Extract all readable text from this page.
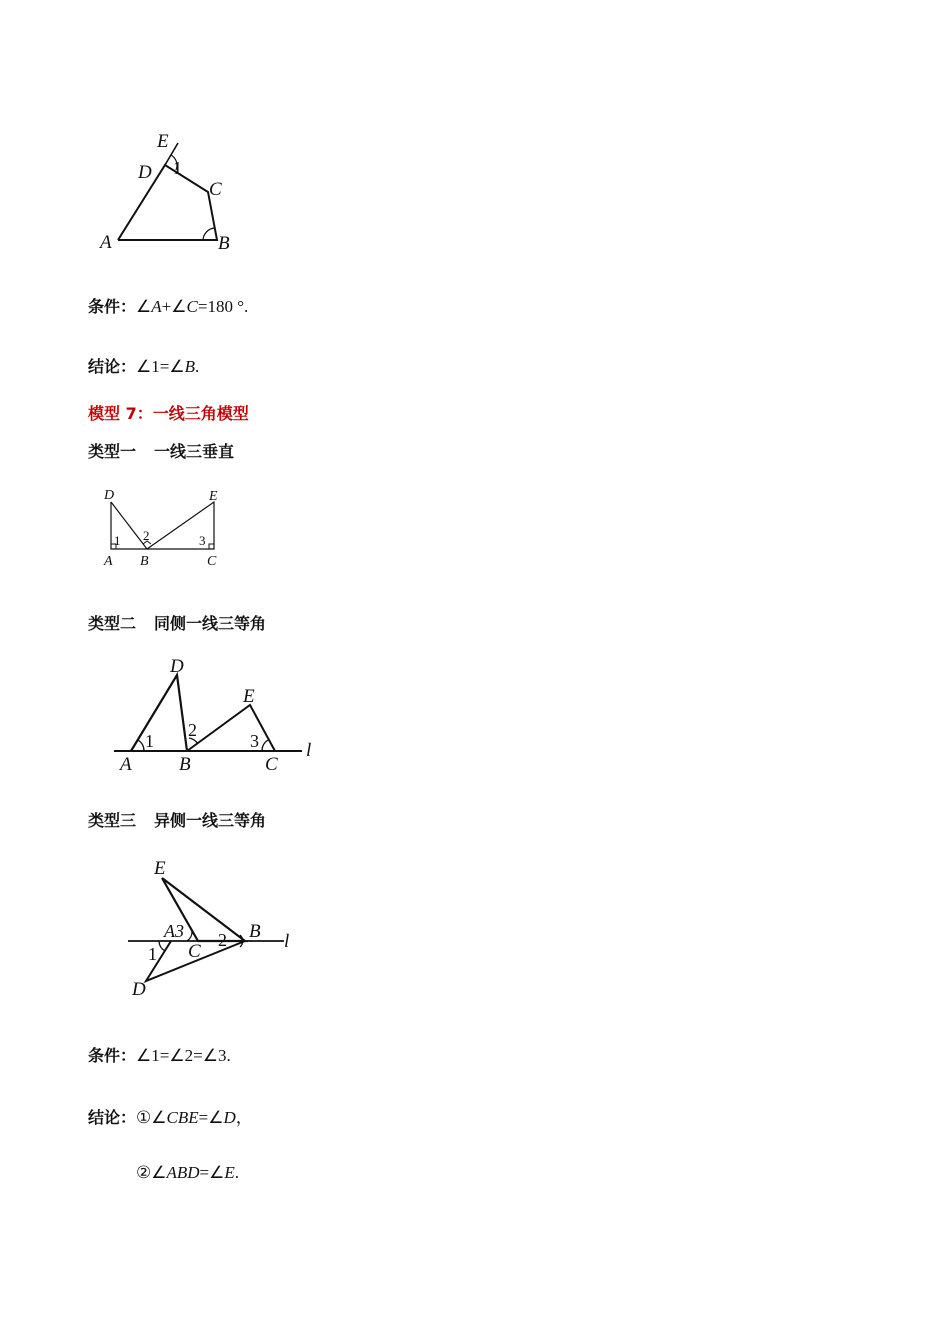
E
D 1
C
A	B
条件：∠A+∠C=180 °.
结论：∠1=∠B.
模型 7：一线三角模型
类型一 一线三垂直
D	E
1 2	3
A B	C
类型二 同侧一线三等角
D
E
1
2
3
A B	C
l
类型三 异侧一线三等角
E
A3
C
2 B l
1
D
条件：∠1=∠2=∠3.
结论：①∠CBE=∠D，
②∠ABD=∠E.
